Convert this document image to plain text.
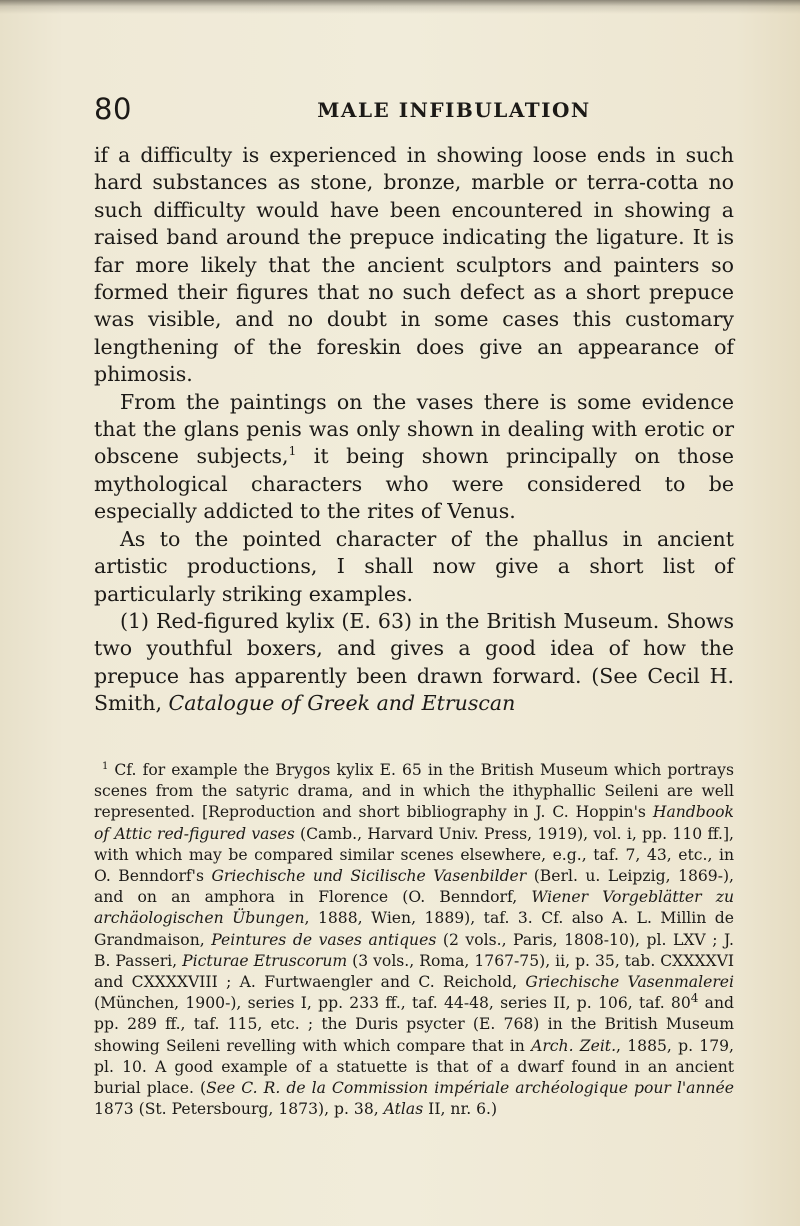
80	MALE INFIBULATION

if a difficulty is experienced in showing loose ends in such hard substances as stone, bronze, marble or terra-cotta no such difficulty would have been encountered in showing a raised band around the prepuce indicating the ligature. It is far more likely that the ancient sculptors and painters so formed their figures that no such defect as a short prepuce was visible, and no doubt in some cases this customary lengthening of the foreskin does give an appearance of phimosis.

From the paintings on the vases there is some evidence that the glans penis was only shown in dealing with erotic or obscene subjects,$^1$ it being shown principally on those mythological characters who were considered to be especially addicted to the rites of Venus.

As to the pointed character of the phallus in ancient artistic productions, I shall now give a short list of particularly striking examples.

(1) Red-figured kylix (E. 63) in the British Museum. Shows two youthful boxers, and gives a good idea of how the prepuce has apparently been drawn forward. (See Cecil H. Smith, Catalogue of Greek and Etruscan

$^1$ Cf. for example the Brygos kylix E. 65 in the British Museum which portrays scenes from the satyric drama, and in which the ithyphallic Seileni are well represented. [Reproduction and short bibliography in J. C. Hoppin's Handbook of Attic red-figured vases (Camb., Harvard Univ. Press, 1919), vol. i, pp. 110 ff.], with which may be compared similar scenes elsewhere, e.g., taf. 7, 43, etc., in O. Benndorf's Griechische und Sicilische Vasenbilder (Berl. u. Leipzig, 1869-), and on an amphora in Florence (O. Benndorf, Wiener Vorgeblätter zu archäologischen Übungen, 1888, Wien, 1889), taf. 3. Cf. also A. L. Millin de Grandmaison, Peintures de vases antiques (2 vols., Paris, 1808-10), pl. LXV ; J. B. Passeri, Picturae Etruscorum (3 vols., Roma, 1767-75), ii, p. 35, tab. CXXXXVI and CXXXXVIII ; A. Furtwaengler and C. Reichold, Griechische Vasenmalerei (München, 1900-), series I, pp. 233 ff., taf. 44-48, series II, p. 106, taf. $80^4$ and pp. 289 ff., taf. 115, etc. ; the Duris psycter (E. 768) in the British Museum showing Seileni revelling with which compare that in Arch. Zeit., 1885, p. 179, pl. 10. A good example of a statuette is that of a dwarf found in an ancient burial place. (See C. R. de la Commission impériale archéologique pour l'année 1873 (St. Petersbourg, 1873), p. 38, Atlas II, nr. 6.)
